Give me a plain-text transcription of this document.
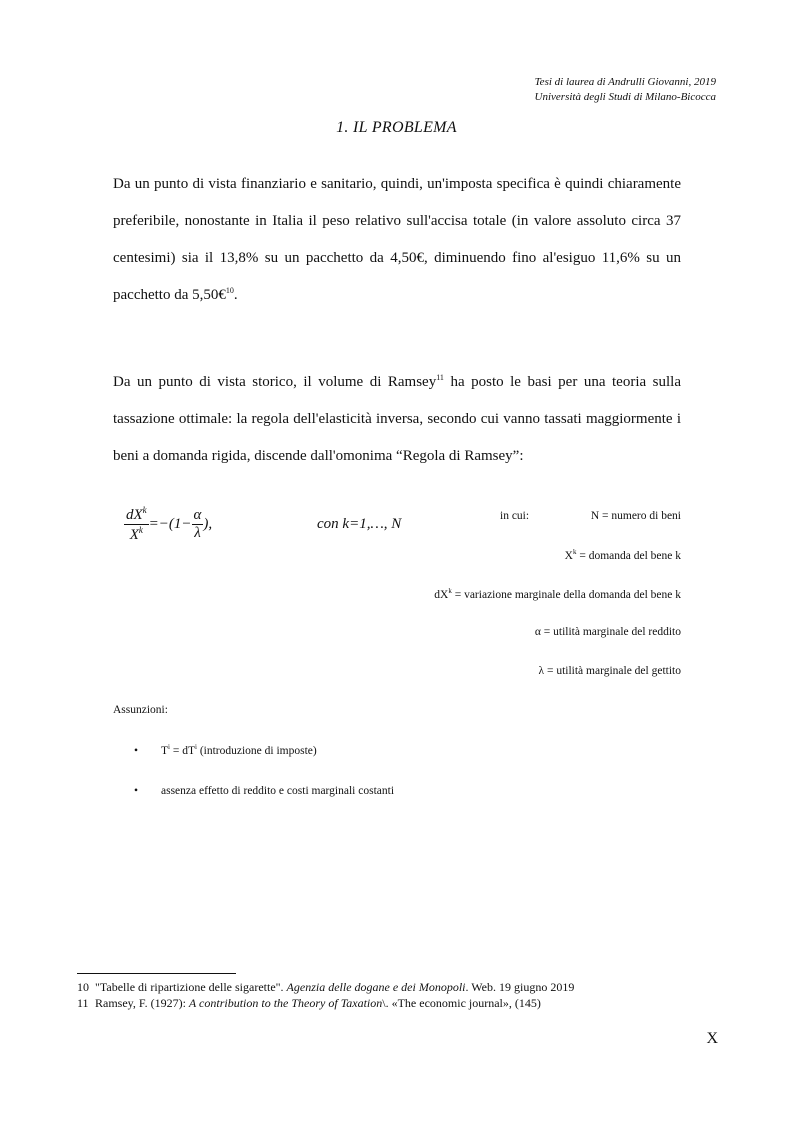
Tesi di laurea di Andrulli Giovanni, 2019
Università degli Studi di Milano-Bicocca
1. IL PROBLEMA
Da un punto di vista finanziario e sanitario, quindi, un'imposta specifica è quindi chiaramente preferibile, nonostante in Italia il peso relativo sull'accisa totale (in valore assoluto circa 37 centesimi) sia il 13,8% su un pacchetto da 4,50€, diminuendo fino al'esiguo 11,6% su un pacchetto da 5,50€$^{10}$.
Da un punto di vista storico, il volume di Ramsey$^{11}$ ha posto le basi per una teoria sulla tassazione ottimale: la regola dell'elasticità inversa, secondo cui vanno tassati maggiormente i beni a domanda rigida, discende dall'omonima “Regola di Ramsey”:
$\frac{dX^k}{X^k} =-(1- \frac{\alpha}{\lambda}$ ),	con k=1,…, N	in cui:	N = numero di beni
$X^k$ = domanda del bene k
$dX^k$ = variazione marginale della domanda del bene k
α = utilità marginale del reddito
λ = utilità marginale del gettito
Assunzioni:
• $T^i = dT^i$ (introduzione di imposte)
• assenza effetto di reddito e costi marginali costanti
10 "Tabelle di ripartizione delle sigarette". Agenzia delle dogane e dei Monopoli. Web. 19 giugno 2019
11 Ramsey, F. (1927): A contribution to the Theory of Taxation\. «The economic journal», (145)
X
